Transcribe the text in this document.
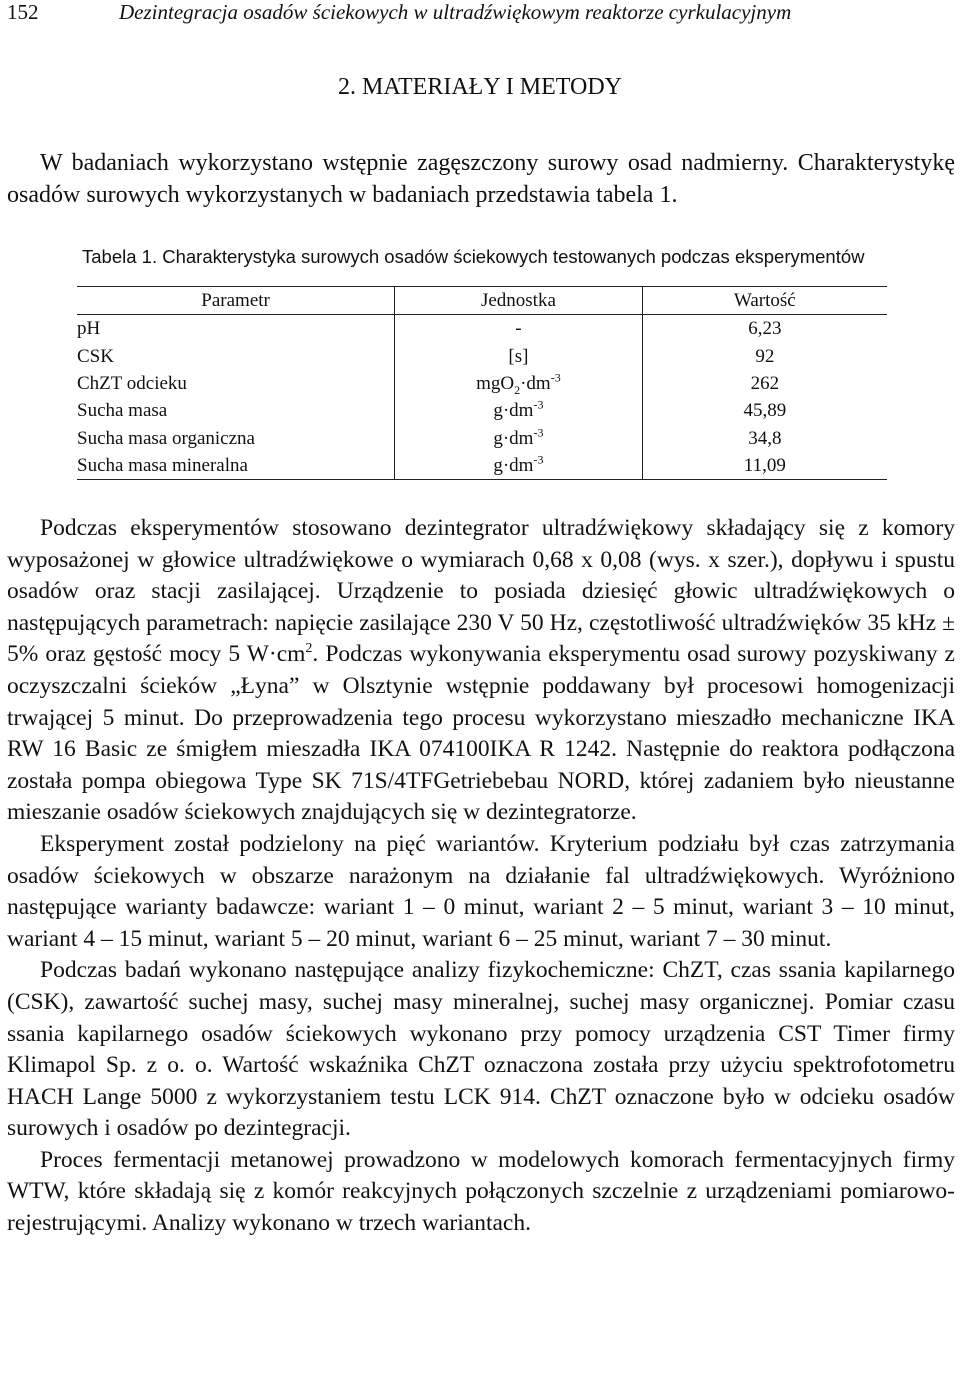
152	Dezintegracja osadów ściekowych w ultradźwiękowym reaktorze cyrkulacyjnym
2. MATERIAŁY I METODY

W badaniach wykorzystano wstępnie zagęszczony surowy osad nadmierny. Charakterystykę osadów surowych wykorzystanych w badaniach przedstawia tabela 1.

Tabela 1. Charakterystyka surowych osadów ściekowych testowanych podczas eksperymentów
Parametr	Jednostka	Wartość
pH	-	6,23
CSK	[s]	92
ChZT odcieku	$mgO_2\cdot dm^{-3}$	262
Sucha masa	$g\cdot dm^{-3}$	45,89
Sucha masa organiczna	$g\cdot dm^{-3}$	34,8
Sucha masa mineralna	$g\cdot dm^{-3}$	11,09

Podczas eksperymentów stosowano dezintegrator ultradźwiękowy składający się z komory wyposażonej w głowice ultradźwiękowe o wymiarach 0,68 x 0,08 (wys. x szer.), dopływu i spustu osadów oraz stacji zasilającej. Urządzenie to posiada dziesięć głowic ultradźwiękowych o następujących parametrach: napięcie zasilające 230 V 50 Hz, częstotliwość ultradźwięków 35 kHz ± 5% oraz gęstość mocy 5 $W\cdot cm^2$. Podczas wykonywania eksperymentu osad surowy pozyskiwany z oczyszczalni ścieków „Łyna” w Olsztynie wstępnie poddawany był procesowi homogenizacji trwającej 5 minut. Do przeprowadzenia tego procesu wykorzystano mieszadło mechaniczne IKA RW 16 Basic ze śmigłem mieszadła IKA 074100IKA R 1242. Następnie do reaktora podłączona została pompa obiegowa Type SK 71S/4TFGetriebebau NORD, której zadaniem było nieustanne mieszanie osadów ściekowych znajdujących się w dezintegratorze.

Eksperyment został podzielony na pięć wariantów. Kryterium podziału był czas zatrzymania osadów ściekowych w obszarze narażonym na działanie fal ultradźwiękowych. Wyróżniono następujące warianty badawcze: wariant 1 – 0 minut, wariant 2 – 5 minut, wariant 3 – 10 minut, wariant 4 – 15 minut, wariant 5 – 20 minut, wariant 6 – 25 minut, wariant 7 – 30 minut.

Podczas badań wykonano następujące analizy fizykochemiczne: ChZT, czas ssania kapilarnego (CSK), zawartość suchej masy, suchej masy mineralnej, suchej masy organicznej. Pomiar czasu ssania kapilarnego osadów ściekowych wykonano przy pomocy urządzenia CST Timer firmy Klimapol Sp. z o. o. Wartość wskaźnika ChZT oznaczona została przy użyciu spektrofotometru HACH Lange 5000 z wykorzystaniem testu LCK 914. ChZT oznaczone było w odcieku osadów surowych i osadów po dezintegracji.

Proces fermentacji metanowej prowadzono w modelowych komorach fermentacyjnych firmy WTW, które składają się z komór reakcyjnych połączonych szczelnie z urządzeniami pomiarowo-rejestrującymi. Analizy wykonano w trzech wariantach.
